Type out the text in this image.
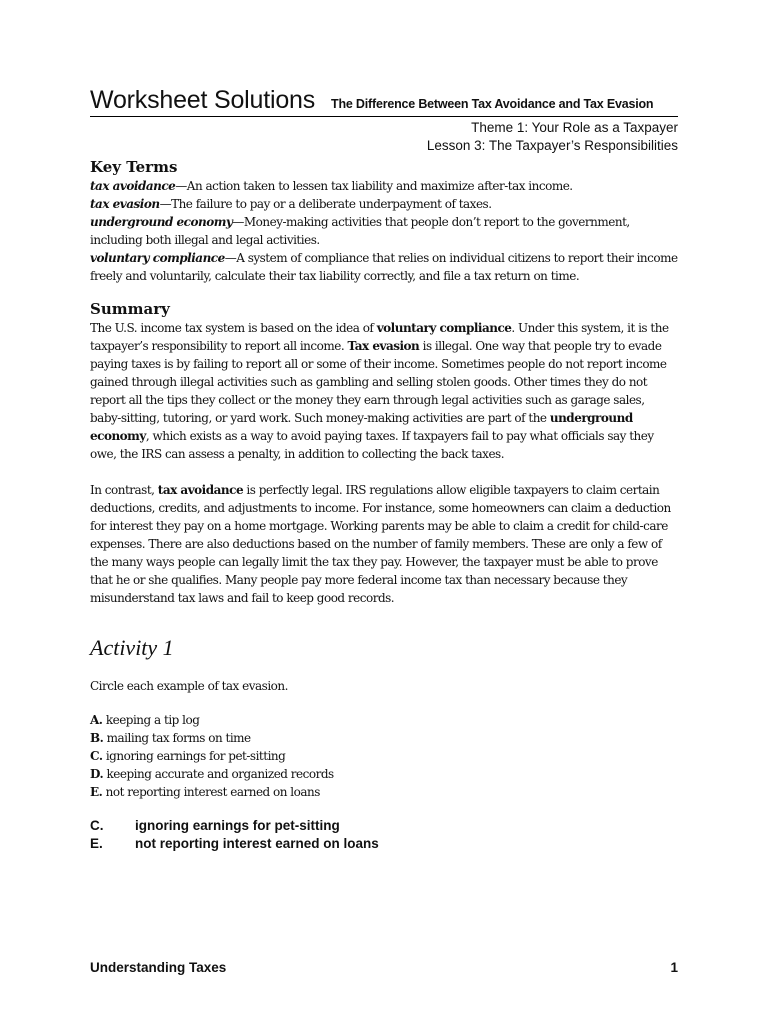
Worksheet Solutions The Difference Between Tax Avoidance and Tax Evasion
Theme 1: Your Role as a Taxpayer
Lesson 3: The Taxpayer’s Responsibilities
Key Terms

tax avoidance—An action taken to lessen tax liability and maximize after-tax income.

tax evasion—The failure to pay or a deliberate underpayment of taxes.

underground economy—Money-making activities that people don’t report to the government, including both illegal and legal activities.

voluntary compliance—A system of compliance that relies on individual citizens to report their income freely and voluntarily, calculate their tax liability correctly, and file a tax return on time.

Summary

The U.S. income tax system is based on the idea of voluntary compliance. Under this system, it is the taxpayer’s responsibility to report all income. Tax evasion is illegal. One way that people try to evade paying taxes is by failing to report all or some of their income. Sometimes people do not report income gained through illegal activities such as gambling and selling stolen goods. Other times they do not report all the tips they collect or the money they earn through legal activities such as garage sales, baby-sitting, tutoring, or yard work. Such money-making activities are part of the underground economy, which exists as a way to avoid paying taxes. If taxpayers fail to pay what officials say they owe, the IRS can assess a penalty, in addition to collecting the back taxes.

In contrast, tax avoidance is perfectly legal. IRS regulations allow eligible taxpayers to claim certain deductions, credits, and adjustments to income. For instance, some homeowners can claim a deduction for interest they pay on a home mortgage. Working parents may be able to claim a credit for child-care expenses. There are also deductions based on the number of family members. These are only a few of the many ways people can legally limit the tax they pay. However, the taxpayer must be able to prove that he or she qualifies. Many people pay more federal income tax than necessary because they misunderstand tax laws and fail to keep good records.

Activity 1
Circle each example of tax evasion.
A. keeping a tip log
B. mailing tax forms on time
C. ignoring earnings for pet-sitting
D. keeping accurate and organized records
E. not reporting interest earned on loans
C.	ignoring earnings for pet-sitting
E.	not reporting interest earned on loans
Understanding Taxes	1
